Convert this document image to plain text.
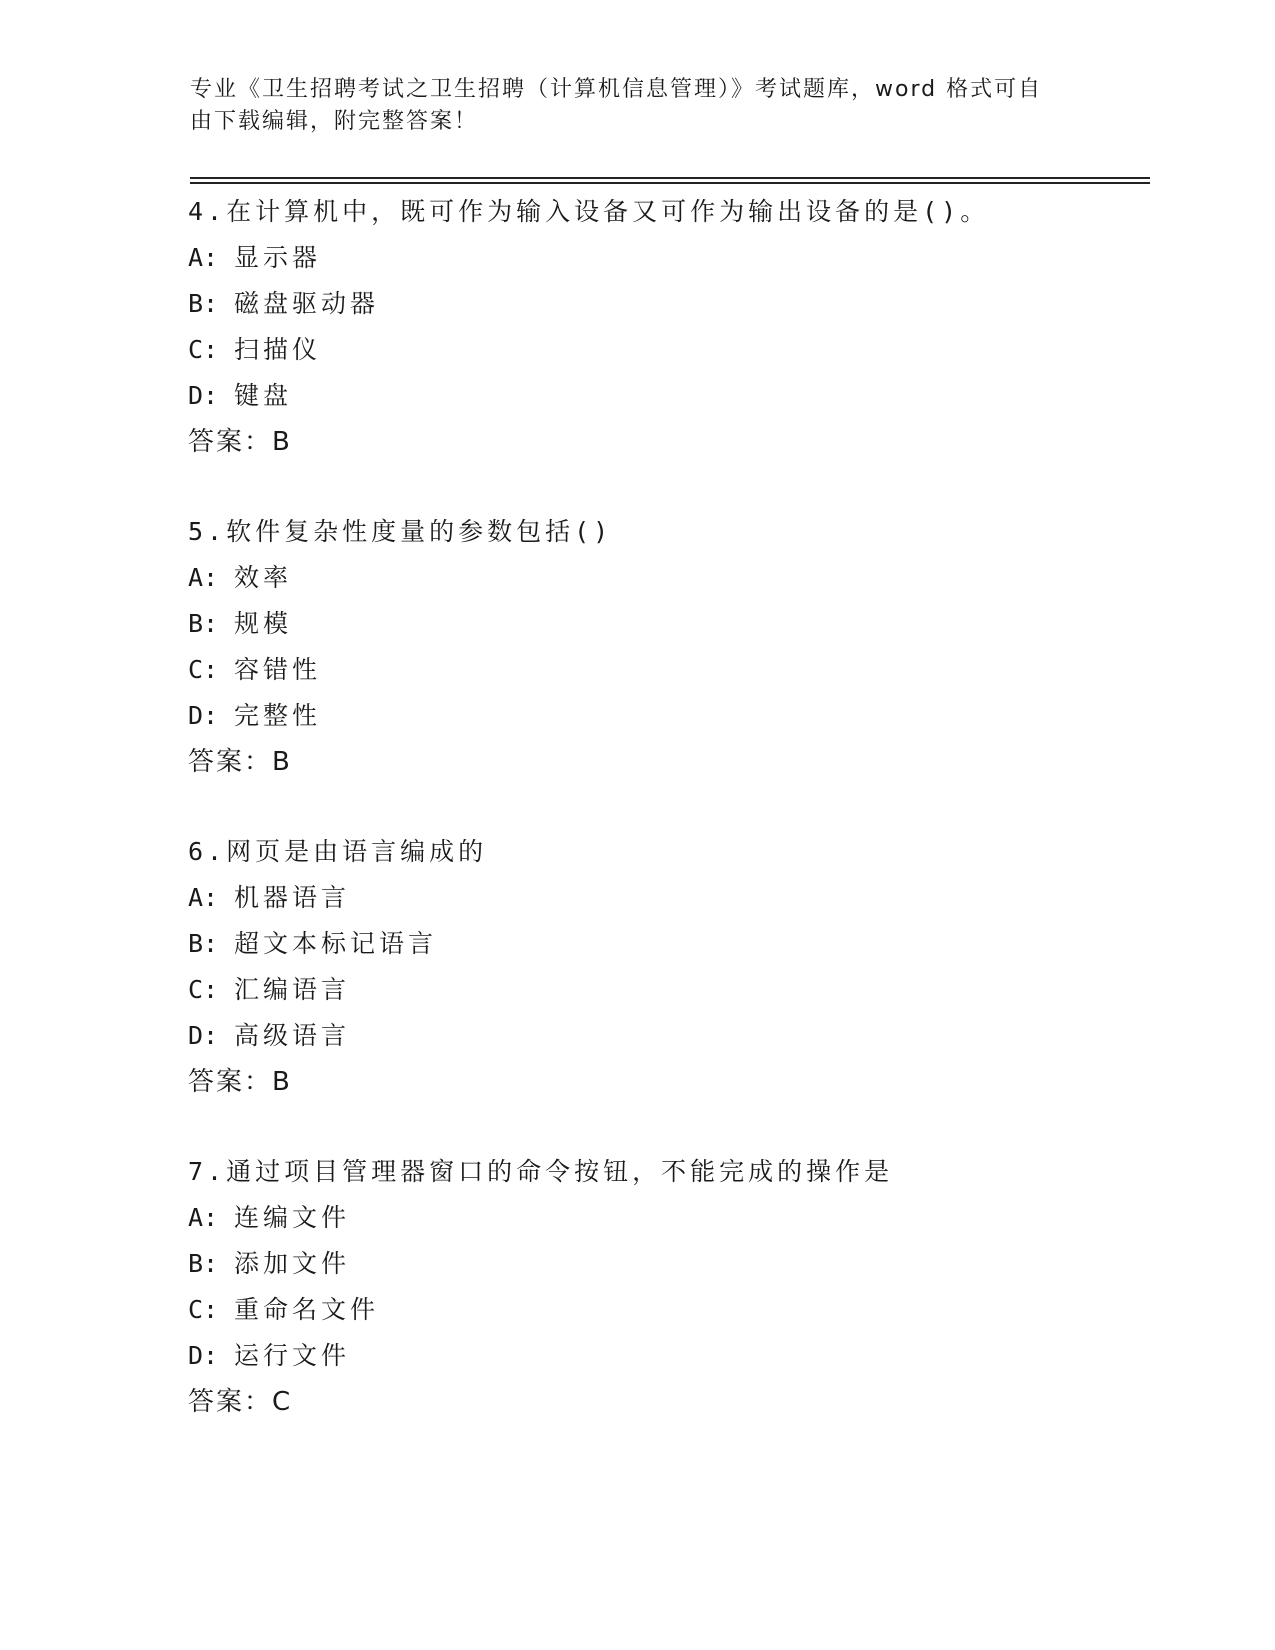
专业《卫生招聘考试之卫生招聘（计算机信息管理）》考试题库，word 格式可自
由下载编辑，附完整答案！
4.在计算机中，既可作为输入设备又可作为输出设备的是()。
A: 显示器
B: 磁盘驱动器
C: 扫描仪
D: 键盘
答案：B
5.软件复杂性度量的参数包括()
A: 效率
B: 规模
C: 容错性
D: 完整性
答案：B
6.网页是由语言编成的
A: 机器语言
B: 超文本标记语言
C: 汇编语言
D: 高级语言
答案：B
7.通过项目管理器窗口的命令按钮，不能完成的操作是
A: 连编文件
B: 添加文件
C: 重命名文件
D: 运行文件
答案：C
